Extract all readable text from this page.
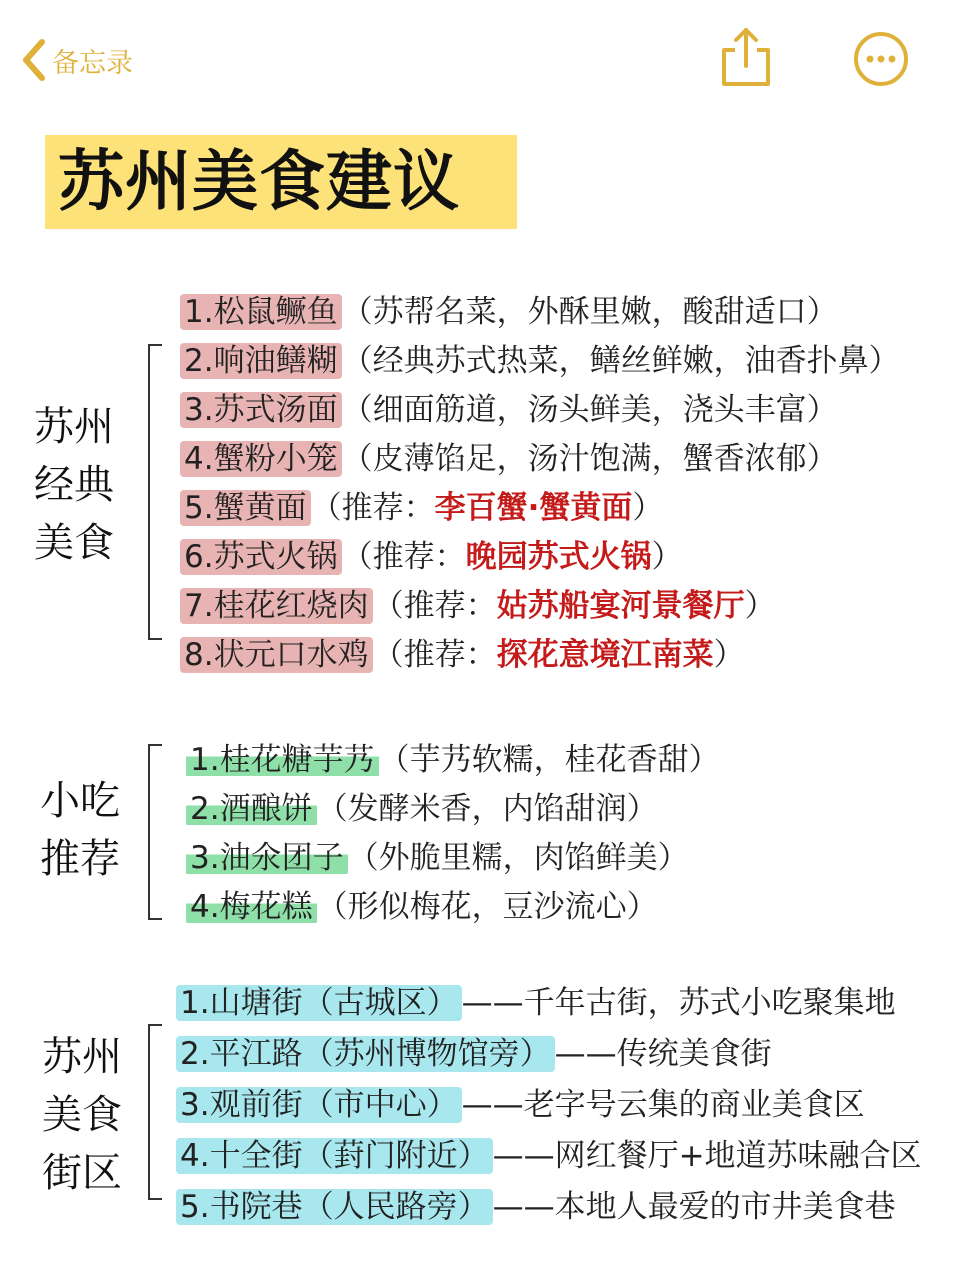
备忘录
苏州美食建议
苏州
经典
美食
1.松鼠鳜鱼 （苏帮名菜，外酥里嫩，酸甜适口）
2.响油鳝糊 （经典苏式热菜，鳝丝鲜嫩，油香扑鼻）
3.苏式汤面 （细面筋道，汤头鲜美，浇头丰富）
4.蟹粉小笼 （皮薄馅足，汤汁饱满，蟹香浓郁）
5.蟹黄面 （推荐：李百蟹·蟹黄面）
6.苏式火锅 （推荐：晚园苏式火锅）
7.桂花红烧肉 （推荐：姑苏船宴河景餐厅）
8.状元口水鸡 （推荐：探花意境江南菜）
小吃
推荐
1.桂花糖芋艿 （芋艿软糯，桂花香甜）
2.酒酿饼 （发酵米香，内馅甜润）
3.油氽团子 （外脆里糯，肉馅鲜美）
4.梅花糕 （形似梅花，豆沙流心）
苏州
美食
街区
1.山塘街（古城区） ——千年古街，苏式小吃聚集地
2.平江路（苏州博物馆旁） ——传统美食街
3.观前街（市中心） ——老字号云集的商业美食区
4.十全街（葑门附近） ——网红餐厅+地道苏味融合区
5.书院巷（人民路旁） ——本地人最爱的市井美食巷
